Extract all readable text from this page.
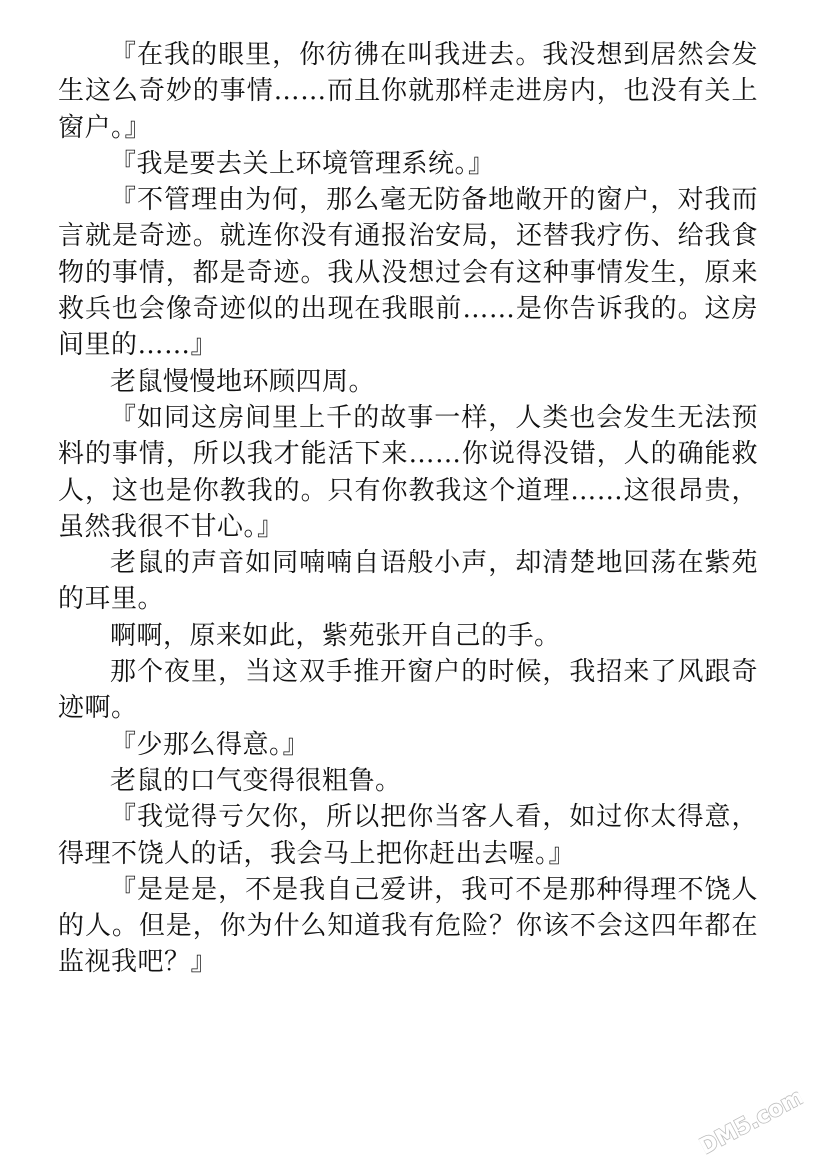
『在我的眼里，你彷彿在叫我进去。我没想到居然会发生这么奇妙的事情……而且你就那样走进房内，也没有关上窗户。』

『我是要去关上环境管理系统。』

『不管理由为何，那么毫无防备地敞开的窗户，对我而言就是奇迹。就连你没有通报治安局，还替我疗伤、给我食物的事情，都是奇迹。我从没想过会有这种事情发生，原来救兵也会像奇迹似的出现在我眼前……是你告诉我的。这房间里的……』

老鼠慢慢地环顾四周。

『如同这房间里上千的故事一样，人类也会发生无法预料的事情，所以我才能活下来……你说得没错，人的确能救人，这也是你教我的。只有你教我这个道理……这很昂贵，虽然我很不甘心。』

老鼠的声音如同喃喃自语般小声，却清楚地回荡在紫苑的耳里。

啊啊，原来如此，紫苑张开自己的手。

那个夜里，当这双手推开窗户的时候，我招来了风跟奇迹啊。

『少那么得意。』

老鼠的口气变得很粗鲁。

『我觉得亏欠你，所以把你当客人看，如过你太得意，得理不饶人的话，我会马上把你赶出去喔。』

『是是是，不是我自己爱讲，我可不是那种得理不饶人的人。但是，你为什么知道我有危险？你该不会这四年都在监视我吧？』

DM5.com
